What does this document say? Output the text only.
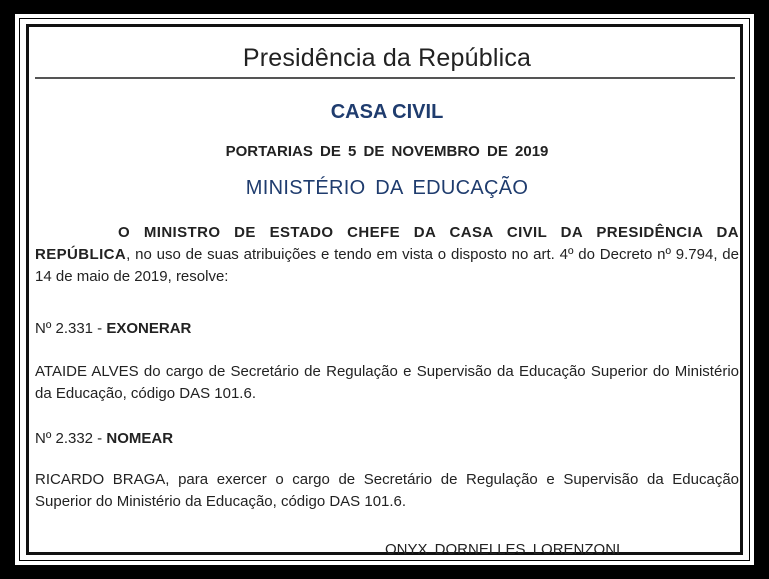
Presidência da República
CASA CIVIL
PORTARIAS DE 5 DE NOVEMBRO DE 2019
MINISTÉRIO DA EDUCAÇÃO
O MINISTRO DE ESTADO CHEFE DA CASA CIVIL DA PRESIDÊNCIA DA REPÚBLICA, no uso de suas atribuições e tendo em vista o disposto no art. 4º do Decreto nº 9.794, de 14 de maio de 2019, resolve:
Nº 2.331 - EXONERAR
ATAIDE ALVES do cargo de Secretário de Regulação e Supervisão da Educação Superior do Ministério da Educação, código DAS 101.6.
Nº 2.332 - NOMEAR
RICARDO BRAGA, para exercer o cargo de Secretário de Regulação e Supervisão da Educação Superior do Ministério da Educação, código DAS 101.6.
ONYX DORNELLES LORENZONI
